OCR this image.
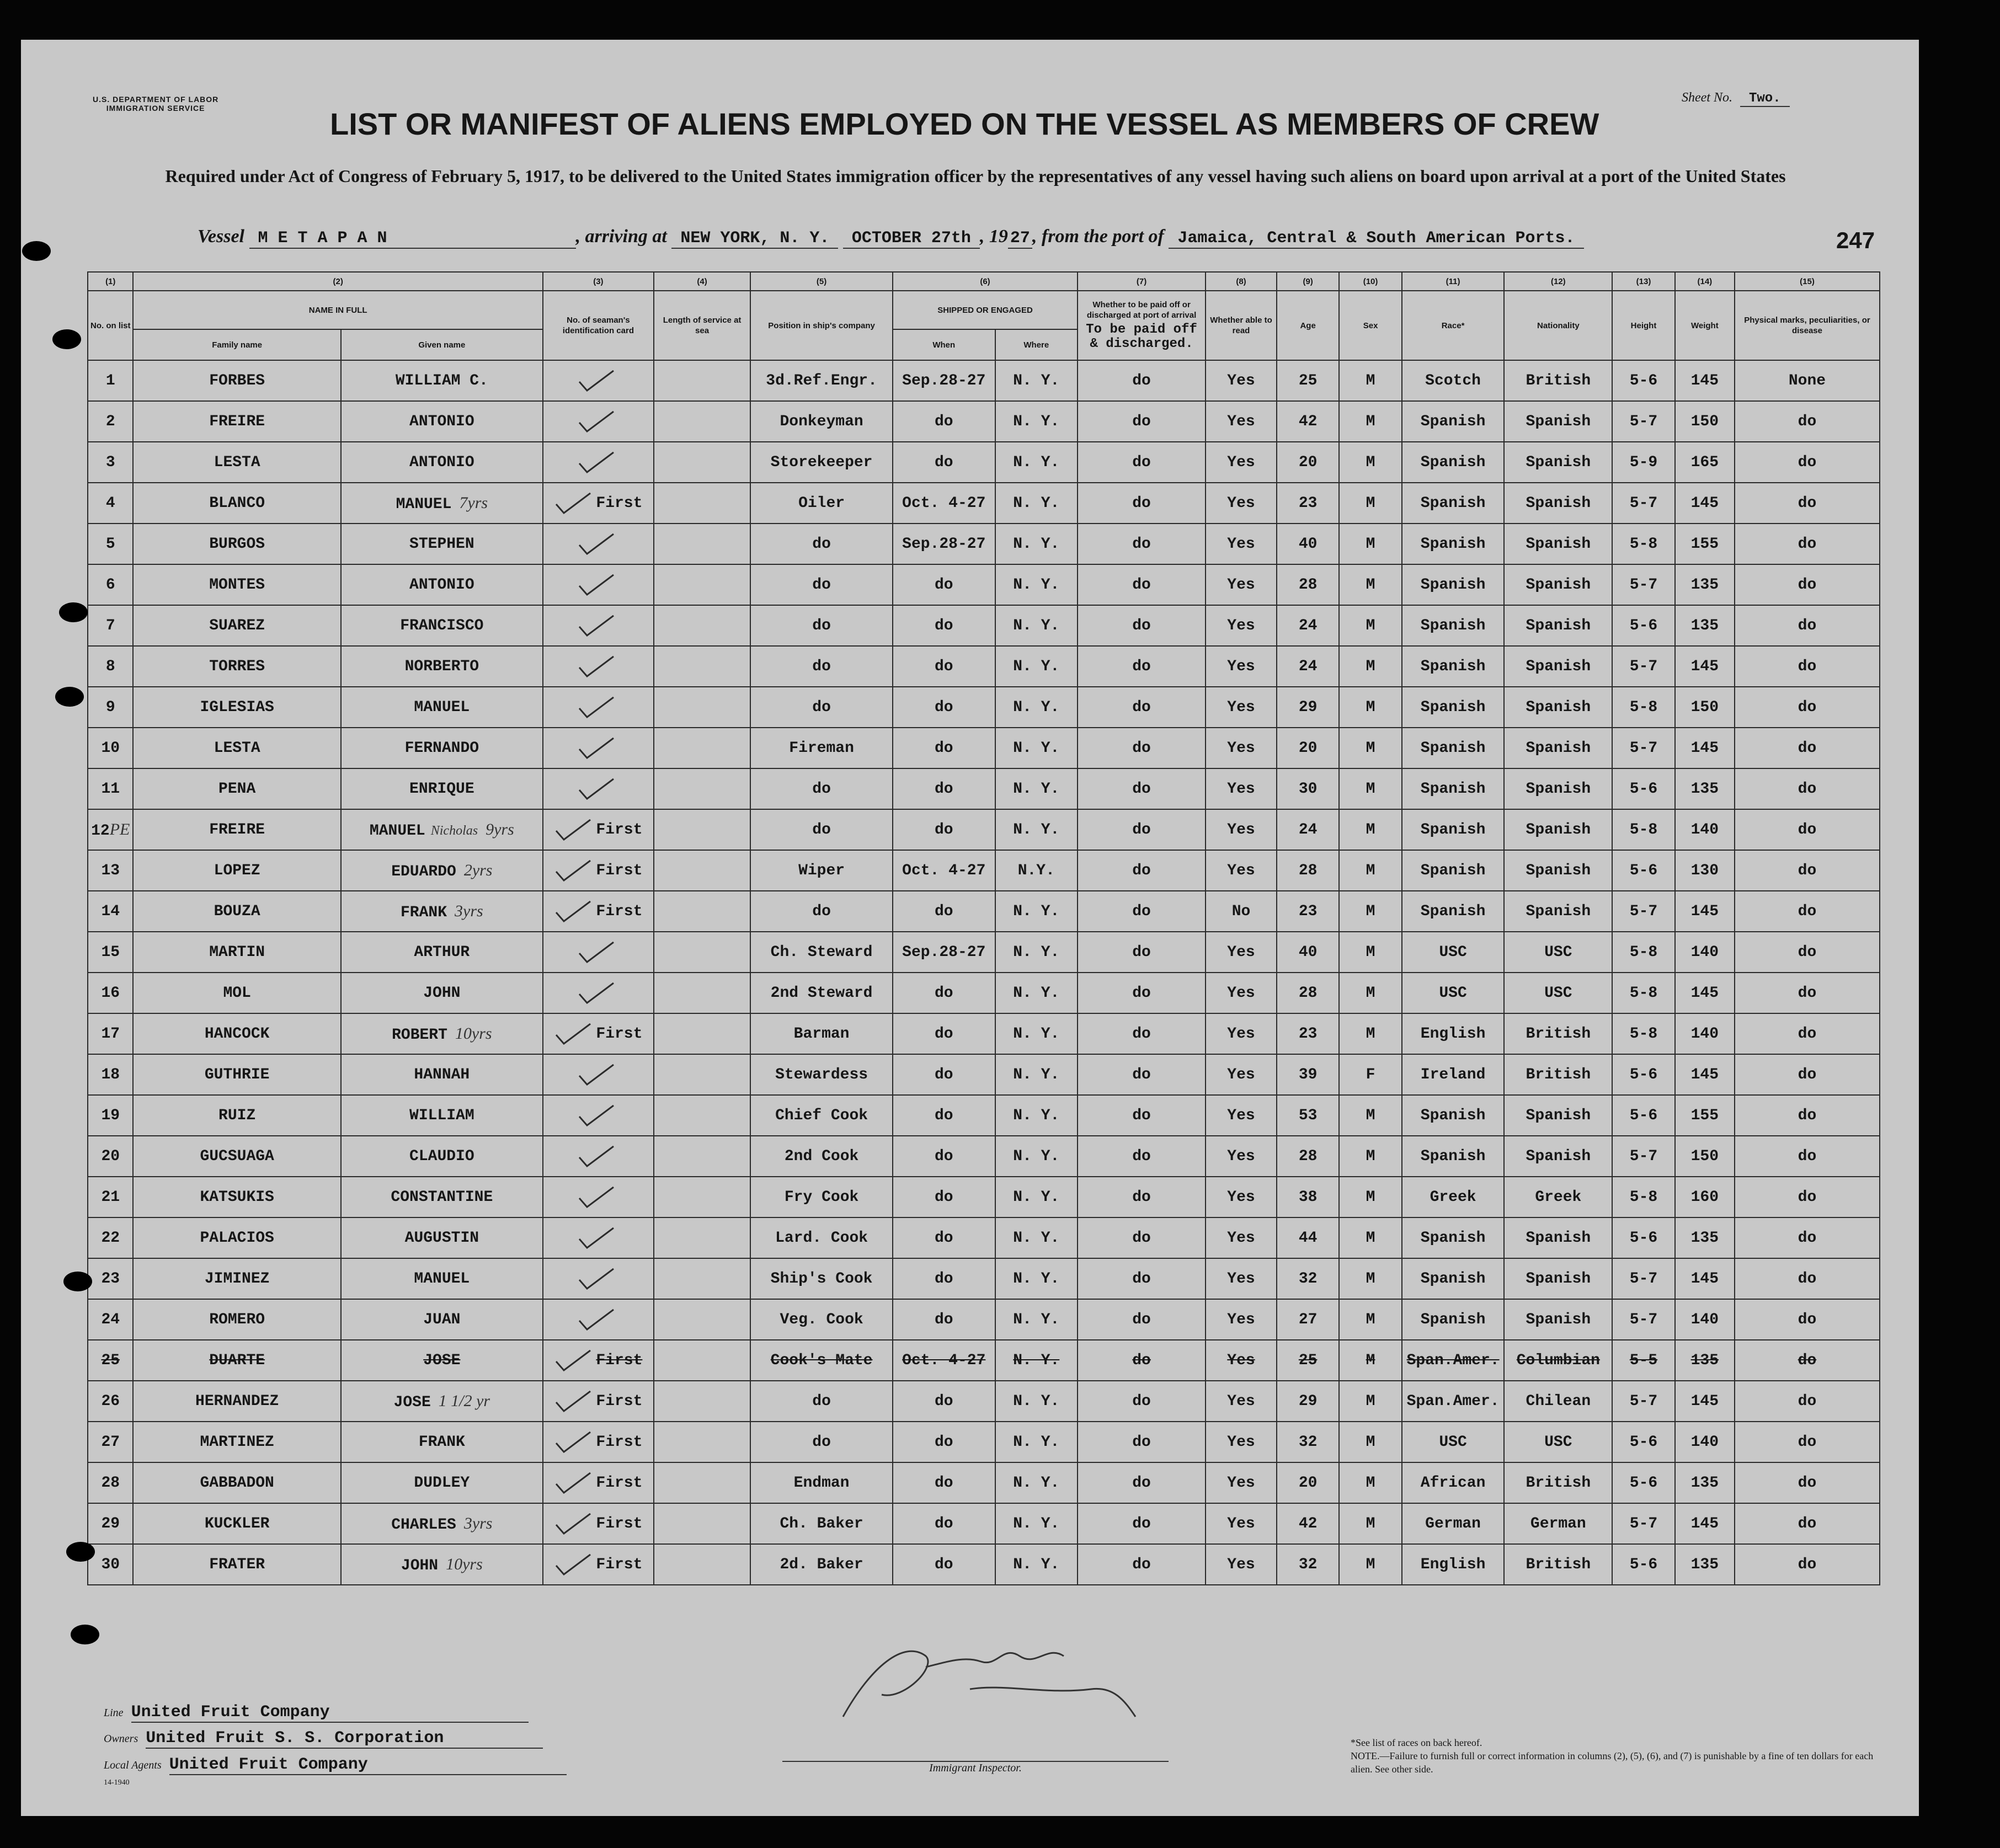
U.S. DEPARTMENT OF LABOR
IMMIGRATION SERVICE
Sheet No. Two.
LIST OR MANIFEST OF ALIENS EMPLOYED ON THE VESSEL AS MEMBERS OF CREW
Required under Act of Congress of February 5, 1917, to be delivered to the United States immigration officer by the representatives of any vessel having such aliens on board upon arrival at a port of the United States
Vessel M E T A P A N	, arriving at NEW YORK, N. Y. OCTOBER 27th , 19 27 , from the port of Jamaica, Central & South American Ports.	247
(1)	(2)		(3)	(4)	(5)	(6)		(7)	(8)	(9)	(10)	(11)	(12)	(13)	(14)	(15)
No. on list	NAME IN FULL		No. of seaman's identification card	Length of service at sea	Position in ship's company	SHIPPED OR ENGAGED		Whether to be paid off or discharged at port of arrival

To be paid off & discharged.	Whether able to read	Age	Sex	Race*	Nationality	Height	Weight	Physical marks, peculiarities, or disease
	Family name	Given name				When	Where									
1	FORBES	WILLIAM C.			3d.Ref.Engr.	Sep.28-27	N. Y.	do	Yes	25	M	Scotch	British	5-6	145	None
2	FREIRE	ANTONIO			Donkeyman	do	N. Y.	do	Yes	42	M	Spanish	Spanish	5-7	150	do
3	LESTA	ANTONIO			Storekeeper	do	N. Y.	do	Yes	20	M	Spanish	Spanish	5-9	165	do
4	BLANCO	MANUEL 7yrs	First		Oiler	Oct. 4-27	N. Y.	do	Yes	23	M	Spanish	Spanish	5-7	145	do
5	BURGOS	STEPHEN			do	Sep.28-27	N. Y.	do	Yes	40	M	Spanish	Spanish	5-8	155	do
6	MONTES	ANTONIO			do	do	N. Y.	do	Yes	28	M	Spanish	Spanish	5-7	135	do
7	SUAREZ	FRANCISCO			do	do	N. Y.	do	Yes	24	M	Spanish	Spanish	5-6	135	do
8	TORRES	NORBERTO			do	do	N. Y.	do	Yes	24	M	Spanish	Spanish	5-7	145	do
9	IGLESIAS	MANUEL			do	do	N. Y.	do	Yes	29	M	Spanish	Spanish	5-8	150	do
10	LESTA	FERNANDO			Fireman	do	N. Y.	do	Yes	20	M	Spanish	Spanish	5-7	145	do
11	PENA	ENRIQUE			do	do	N. Y.	do	Yes	30	M	Spanish	Spanish	5-6	135	do
12PE	FREIRE	MANUEL Nicholas 9yrs	First		do	do	N. Y.	do	Yes	24	M	Spanish	Spanish	5-8	140	do
13	LOPEZ	EDUARDO 2yrs	First		Wiper	Oct. 4-27	N.Y.	do	Yes	28	M	Spanish	Spanish	5-6	130	do
14	BOUZA	FRANK 3yrs	First		do	do	N. Y.	do	No	23	M	Spanish	Spanish	5-7	145	do
15	MARTIN	ARTHUR			Ch. Steward	Sep.28-27	N. Y.	do	Yes	40	M	USC	USC	5-8	140	do
16	MOL	JOHN			2nd Steward	do	N. Y.	do	Yes	28	M	USC	USC	5-8	145	do
17	HANCOCK	ROBERT 10yrs	First		Barman	do	N. Y.	do	Yes	23	M	English	British	5-8	140	do
18	GUTHRIE	HANNAH			Stewardess	do	N. Y.	do	Yes	39	F	Ireland	British	5-6	145	do
19	RUIZ	WILLIAM			Chief Cook	do	N. Y.	do	Yes	53	M	Spanish	Spanish	5-6	155	do
20	GUCSUAGA	CLAUDIO			2nd Cook	do	N. Y.	do	Yes	28	M	Spanish	Spanish	5-7	150	do
21	KATSUKIS	CONSTANTINE			Fry Cook	do	N. Y.	do	Yes	38	M	Greek	Greek	5-8	160	do
22	PALACIOS	AUGUSTIN			Lard. Cook	do	N. Y.	do	Yes	44	M	Spanish	Spanish	5-6	135	do
23	JIMINEZ	MANUEL			Ship's Cook	do	N. Y.	do	Yes	32	M	Spanish	Spanish	5-7	145	do
24	ROMERO	JUAN			Veg. Cook	do	N. Y.	do	Yes	27	M	Spanish	Spanish	5-7	140	do
25	DUARTE	JOSE	First		Cook's Mate	Oct. 4-27	N. Y.	do	Yes	25	M	Span.Amer.	Columbian	5-5	135	do
26	HERNANDEZ	JOSE 1 1/2 yr	First		do	do	N. Y.	do	Yes	29	M	Span.Amer.	Chilean	5-7	145	do
27	MARTINEZ	FRANK	First		do	do	N. Y.	do	Yes	32	M	USC	USC	5-6	140	do
28	GABBADON	DUDLEY	First		Endman	do	N. Y.	do	Yes	20	M	African	British	5-6	135	do
29	KUCKLER	CHARLES 3yrs	First		Ch. Baker	do	N. Y.	do	Yes	42	M	German	German	5-7	145	do
30	FRATER	JOHN 10yrs	First		2d. Baker	do	N. Y.	do	Yes	32	M	English	British	5-6	135	do
Line United Fruit Company
Owners United Fruit S. S. Corporation
Local Agents United Fruit Company
14-1940
Immigrant Inspector.
*See list of races on back hereof.
NOTE.—Failure to furnish full or correct information in columns (2), (5), (6), and (7) is punishable by a fine of ten dollars for each alien. See other side.
